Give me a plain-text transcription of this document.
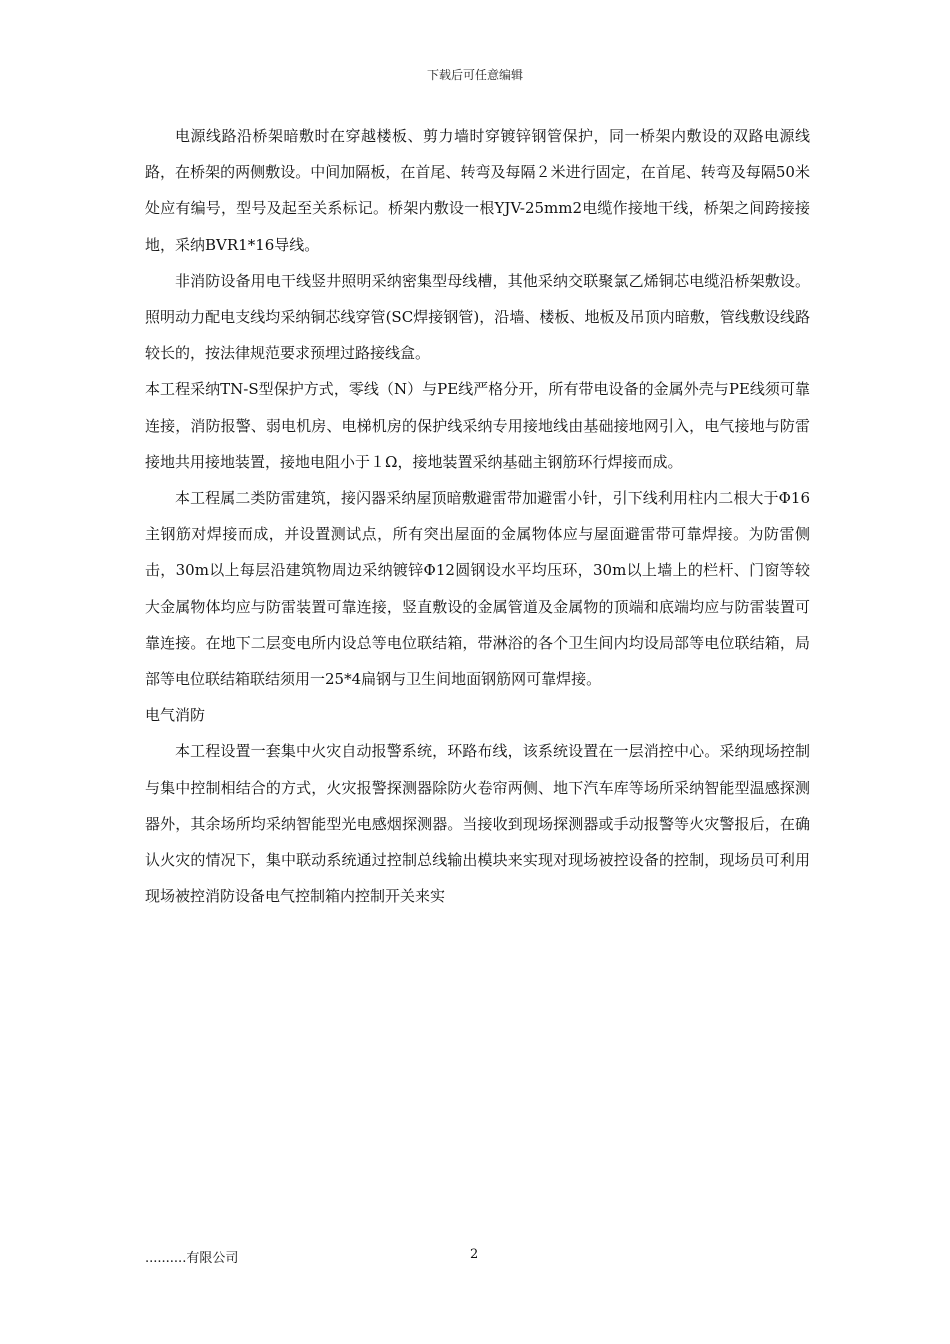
下载后可任意编辑

电源线路沿桥架暗敷时在穿越楼板、剪力墙时穿镀锌钢管保护，同一桥架内敷设的双路电源线路，在桥架的两侧敷设。中间加隔板，在首尾、转弯及每隔２米进行固定，在首尾、转弯及每隔50米处应有编号，型号及起至关系标记。桥架内敷设一根YJV-25mm2电缆作接地干线，桥架之间跨接接地，采纳BVR1*16导线。

非消防设备用电干线竖井照明采纳密集型母线槽，其他采纳交联聚氯乙烯铜芯电缆沿桥架敷设。照明动力配电支线均采纳铜芯线穿管(SC焊接钢管)，沿墙、楼板、地板及吊顶内暗敷，管线敷设线路较长的，按法律规范要求预埋过路接线盒。

本工程采纳TN-S型保护方式，零线（N）与PE线严格分开，所有带电设备的金属外壳与PE线须可靠连接，消防报警、弱电机房、电梯机房的保护线采纳专用接地线由基础接地网引入，电气接地与防雷接地共用接地装置，接地电阻小于１Ω，接地装置采纳基础主钢筋环行焊接而成。

本工程属二类防雷建筑，接闪器采纳屋顶暗敷避雷带加避雷小针，引下线利用柱内二根大于Φ16主钢筋对焊接而成，并设置测试点，所有突出屋面的金属物体应与屋面避雷带可靠焊接。为防雷侧击，30m以上每层沿建筑物周边采纳镀锌Φ12圆钢设水平均压环，30m以上墙上的栏杆、门窗等较大金属物体均应与防雷装置可靠连接，竖直敷设的金属管道及金属物的顶端和底端均应与防雷装置可靠连接。在地下二层变电所内设总等电位联结箱，带淋浴的各个卫生间内均设局部等电位联结箱，局部等电位联结箱联结须用一25*4扁钢与卫生间地面钢筋网可靠焊接。

电气消防

本工程设置一套集中火灾自动报警系统，环路布线，该系统设置在一层消控中心。采纳现场控制与集中控制相结合的方式，火灾报警探测器除防火卷帘两侧、地下汽车库等场所采纳智能型温感探测器外，其余场所均采纳智能型光电感烟探测器。当接收到现场探测器或手动报警等火灾警报后，在确认火灾的情况下，集中联动系统通过控制总线输出模块来实现对现场被控设备的控制，现场员可利用现场被控消防设备电气控制箱内控制开关来实

..........有限公司	2
